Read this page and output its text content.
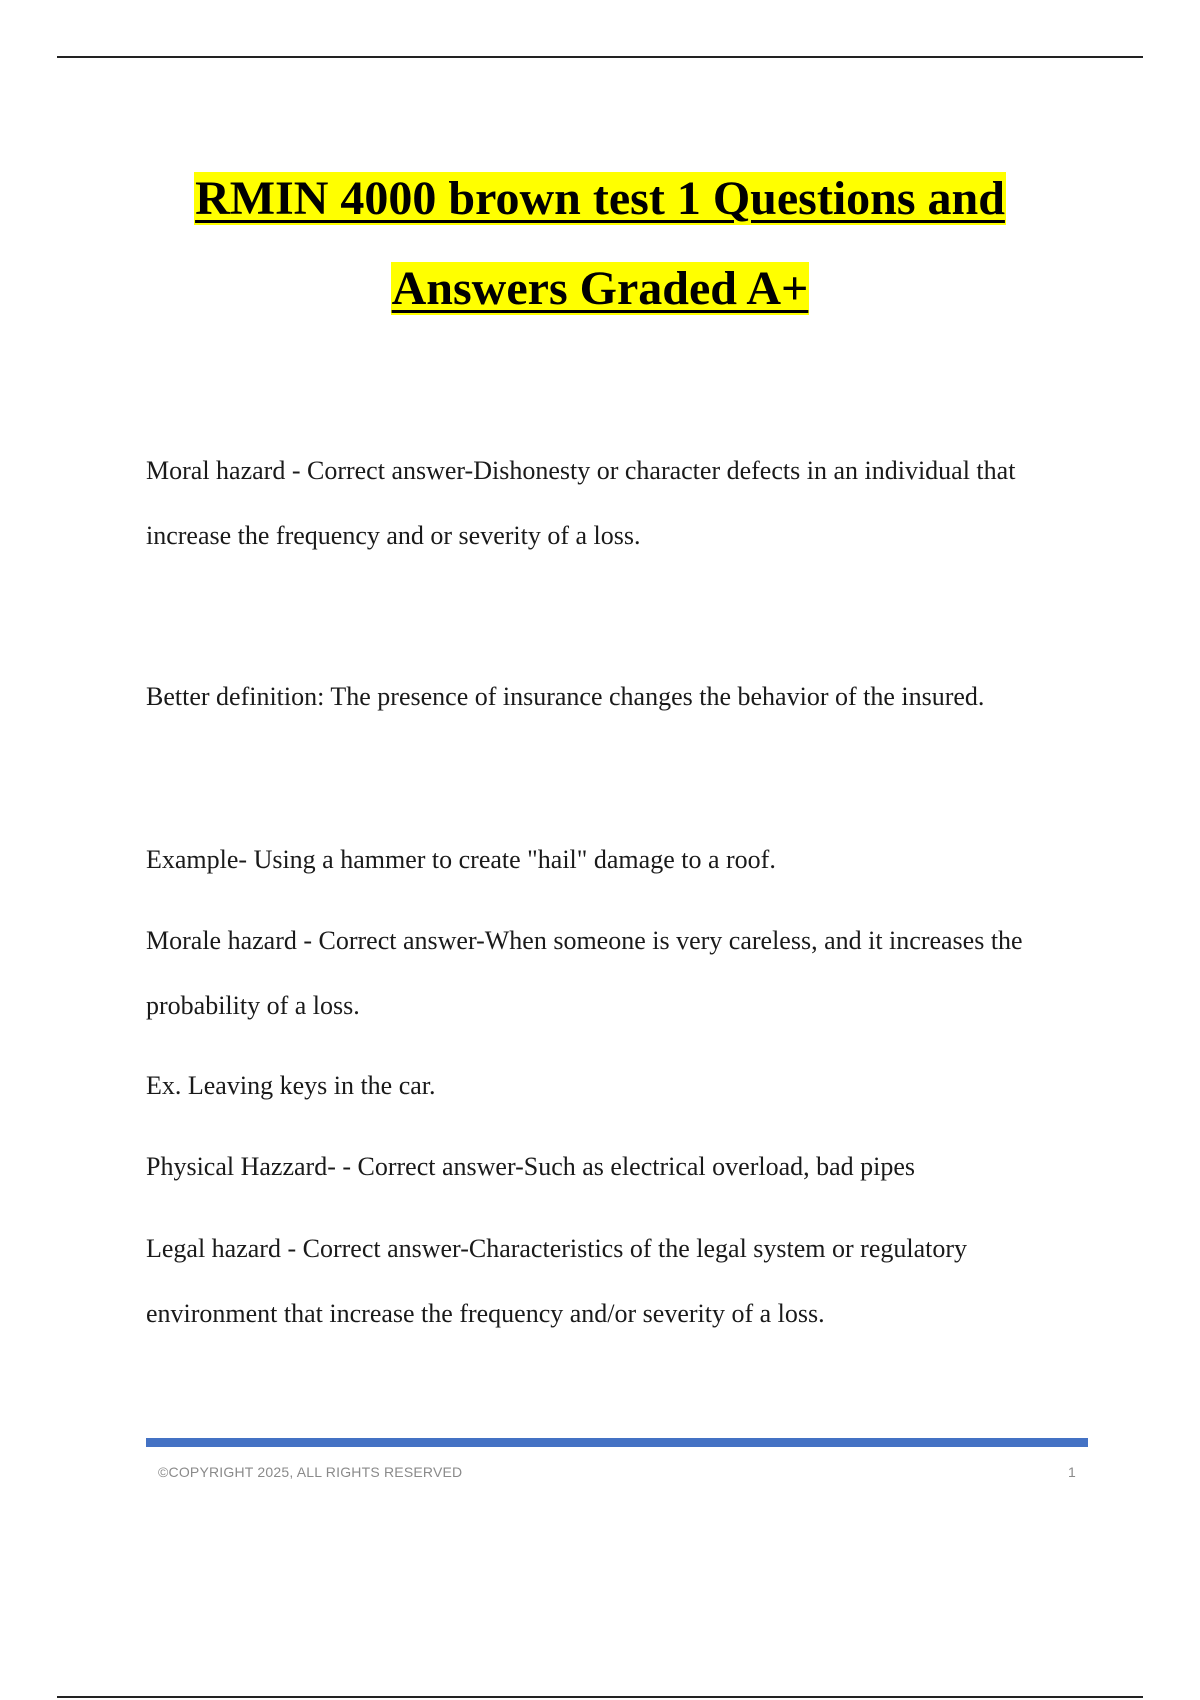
RMIN 4000 brown test 1 Questions and
Answers Graded A+

Moral hazard - Correct answer-Dishonesty or character defects in an individual that increase the frequency and or severity of a loss.

Better definition: The presence of insurance changes the behavior of the insured.

Example- Using a hammer to create "hail" damage to a roof.

Morale hazard - Correct answer-When someone is very careless, and it increases the probability of a loss.

Ex. Leaving keys in the car.

Physical Hazzard- - Correct answer-Such as electrical overload, bad pipes

Legal hazard - Correct answer-Characteristics of the legal system or regulatory environment that increase the frequency and/or severity of a loss.

©COPYRIGHT 2025, ALL RIGHTS RESERVED	1
